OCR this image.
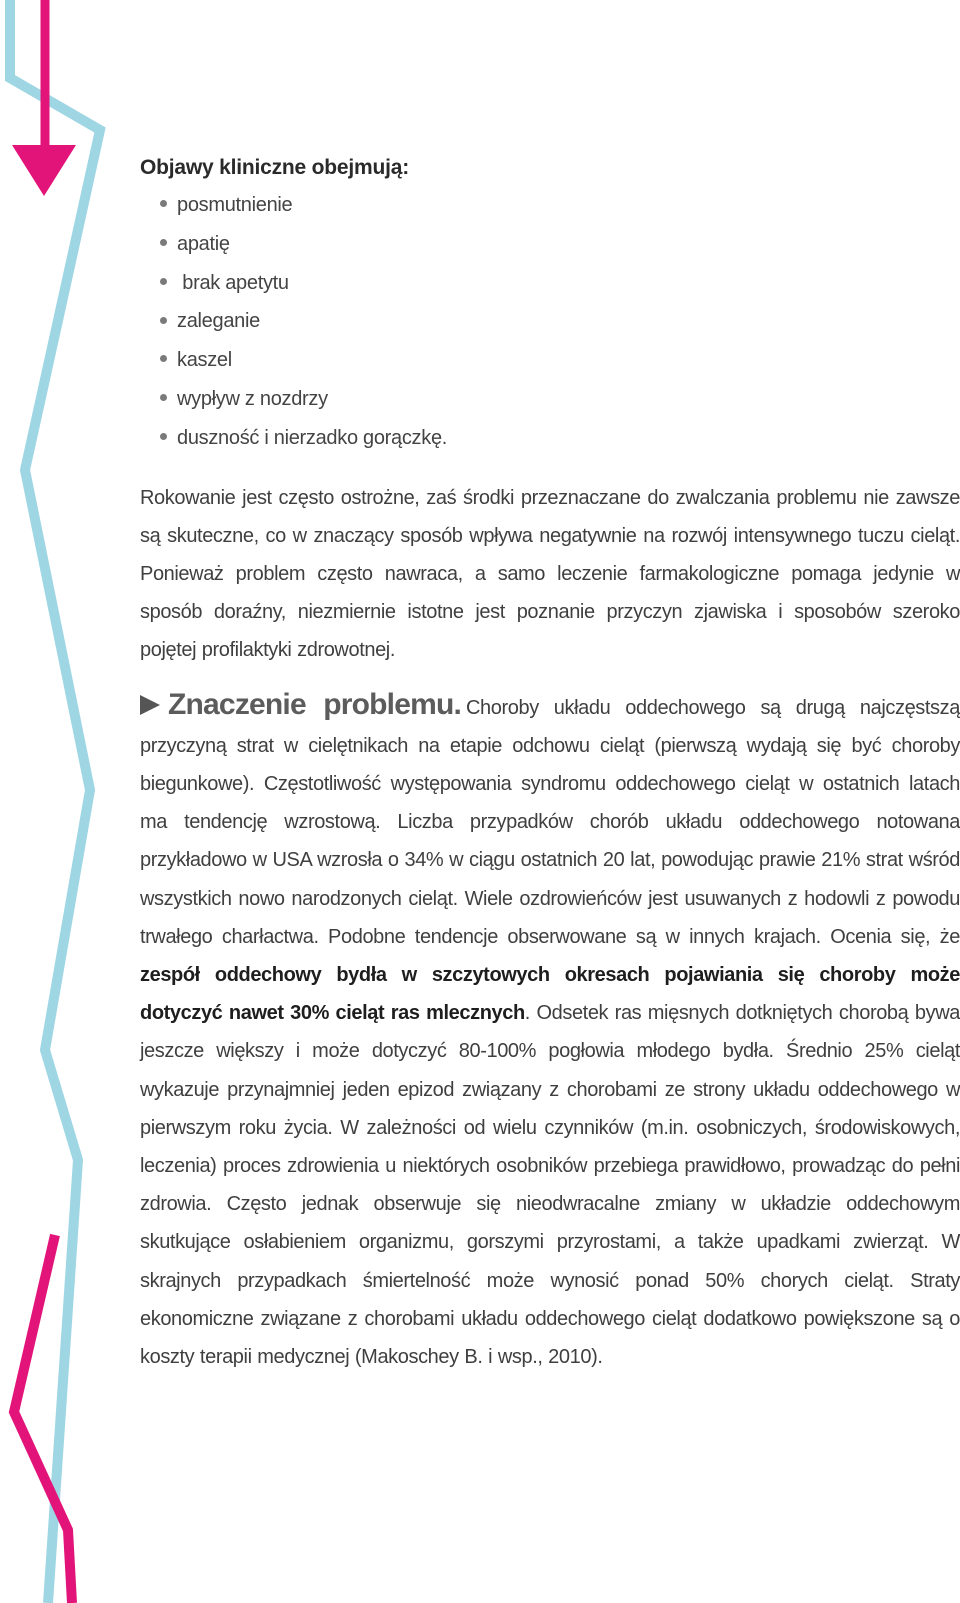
Objawy kliniczne obejmują:
posmutnienie
apatię
brak apetytu
zaleganie
kaszel
wypływ z nozdrzy
duszność i nierzadko gorączkę.

Rokowanie jest często ostrożne, zaś środki przeznaczane do zwalczania problemu nie zawsze są skuteczne, co w znaczący sposób wpływa negatywnie na rozwój intensywnego tuczu cieląt. Ponieważ problem często nawraca, a samo leczenie farmakologiczne pomaga jedynie w sposób doraźny, niezmiernie istotne jest poznanie przyczyn zjawiska i sposobów szeroko pojętej profilaktyki zdrowotnej.

Znaczenie problemu. Choroby układu oddechowego są drugą najczęstszą przyczyną strat w cielętnikach na etapie odchowu cieląt (pierwszą wydają się być choroby biegunkowe). Częstotliwość występowania syndromu oddechowego cieląt w ostatnich latach ma tendencję wzrostową. Liczba przypadków chorób układu oddechowego notowana przykładowo w USA wzrosła o 34% w ciągu ostatnich 20 lat, powodując prawie 21% strat wśród wszystkich nowo narodzonych cieląt. Wiele ozdrowieńców jest usuwanych z hodowli z powodu trwałego charłactwa. Podobne tendencje obserwowane są w innych krajach. Ocenia się, że zespół oddechowy bydła w szczytowych okresach pojawiania się choroby może dotyczyć nawet 30% cieląt ras mlecznych. Odsetek ras mięsnych dotkniętych chorobą bywa jeszcze większy i może dotyczyć 80-100% pogłowia młodego bydła. Średnio 25% cieląt wykazuje przynajmniej jeden epizod związany z chorobami ze strony układu oddechowego w pierwszym roku życia. W zależności od wielu czynników (m.in. osobniczych, środowiskowych, leczenia) proces zdrowienia u niektórych osobników przebiega prawidłowo, prowadząc do pełni zdrowia. Często jednak obserwuje się nieodwracalne zmiany w układzie oddechowym skutkujące osłabieniem organizmu, gorszymi przyrostami, a także upadkami zwierząt. W skrajnych przypadkach śmiertelność może wynosić ponad 50% chorych cieląt. Straty ekonomiczne związane z chorobami układu oddechowego cieląt dodatkowo powiększone są o koszty terapii medycznej (Makoschey B. i wsp., 2010).
